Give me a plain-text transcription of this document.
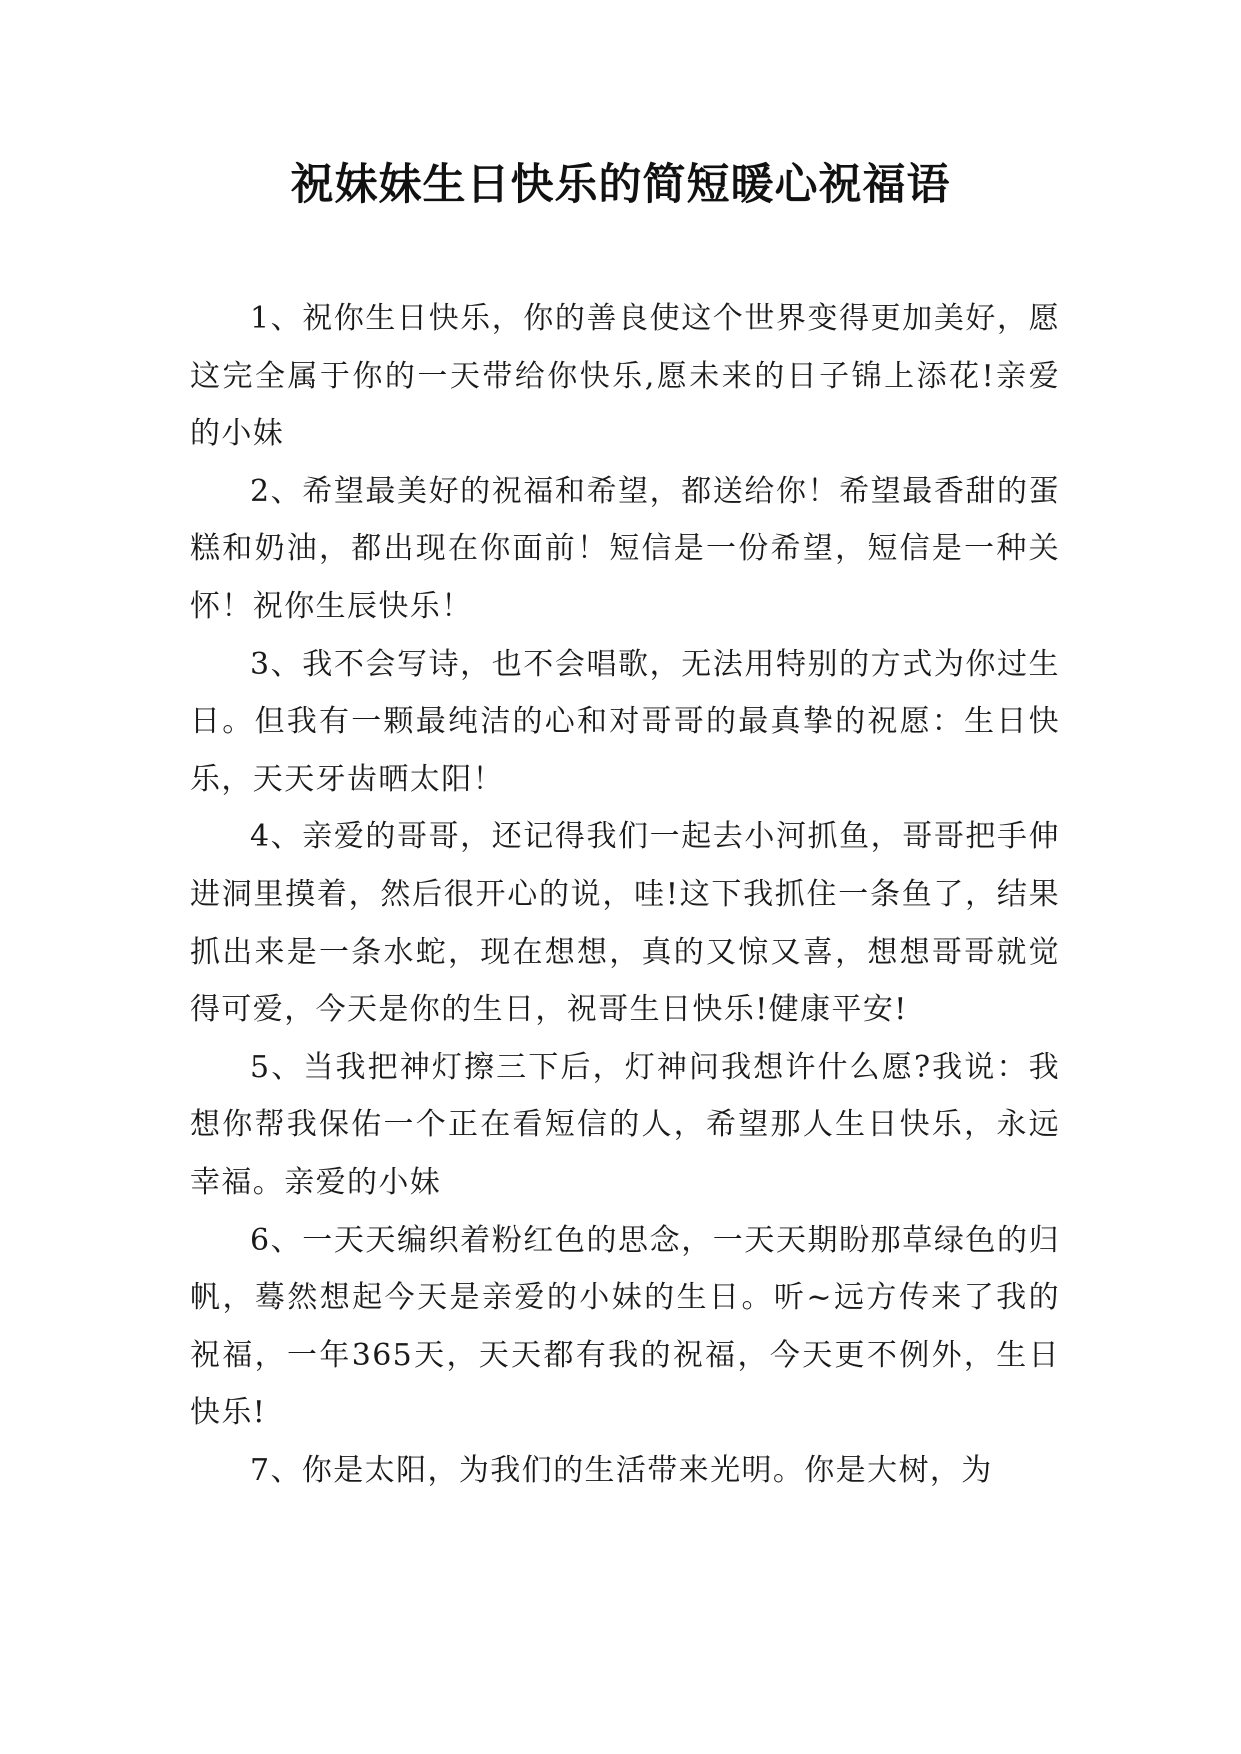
祝妹妹生日快乐的简短暖心祝福语

1、祝你生日快乐，你的善良使这个世界变得更加美好，愿这完全属于你的一天带给你快乐,愿未来的日子锦上添花!亲爱的小妹

2、希望最美好的祝福和希望，都送给你！希望最香甜的蛋糕和奶油，都出现在你面前！短信是一份希望，短信是一种关怀！祝你生辰快乐！

3、我不会写诗，也不会唱歌，无法用特别的方式为你过生日。但我有一颗最纯洁的心和对哥哥的最真挚的祝愿：生日快乐，天天牙齿晒太阳！

4、亲爱的哥哥，还记得我们一起去小河抓鱼，哥哥把手伸进洞里摸着，然后很开心的说，哇!这下我抓住一条鱼了，结果抓出来是一条水蛇，现在想想，真的又惊又喜，想想哥哥就觉得可爱，今天是你的生日，祝哥生日快乐!健康平安!

5、当我把神灯擦三下后，灯神问我想许什么愿?我说：我想你帮我保佑一个正在看短信的人，希望那人生日快乐，永远幸福。亲爱的小妹

6、一天天编织着粉红色的思念，一天天期盼那草绿色的归帆，蓦然想起今天是亲爱的小妹的生日。听~远方传来了我的祝福，一年365天，天天都有我的祝福，今天更不例外，生日快乐!

7、你是太阳，为我们的生活带来光明。你是大树，为
